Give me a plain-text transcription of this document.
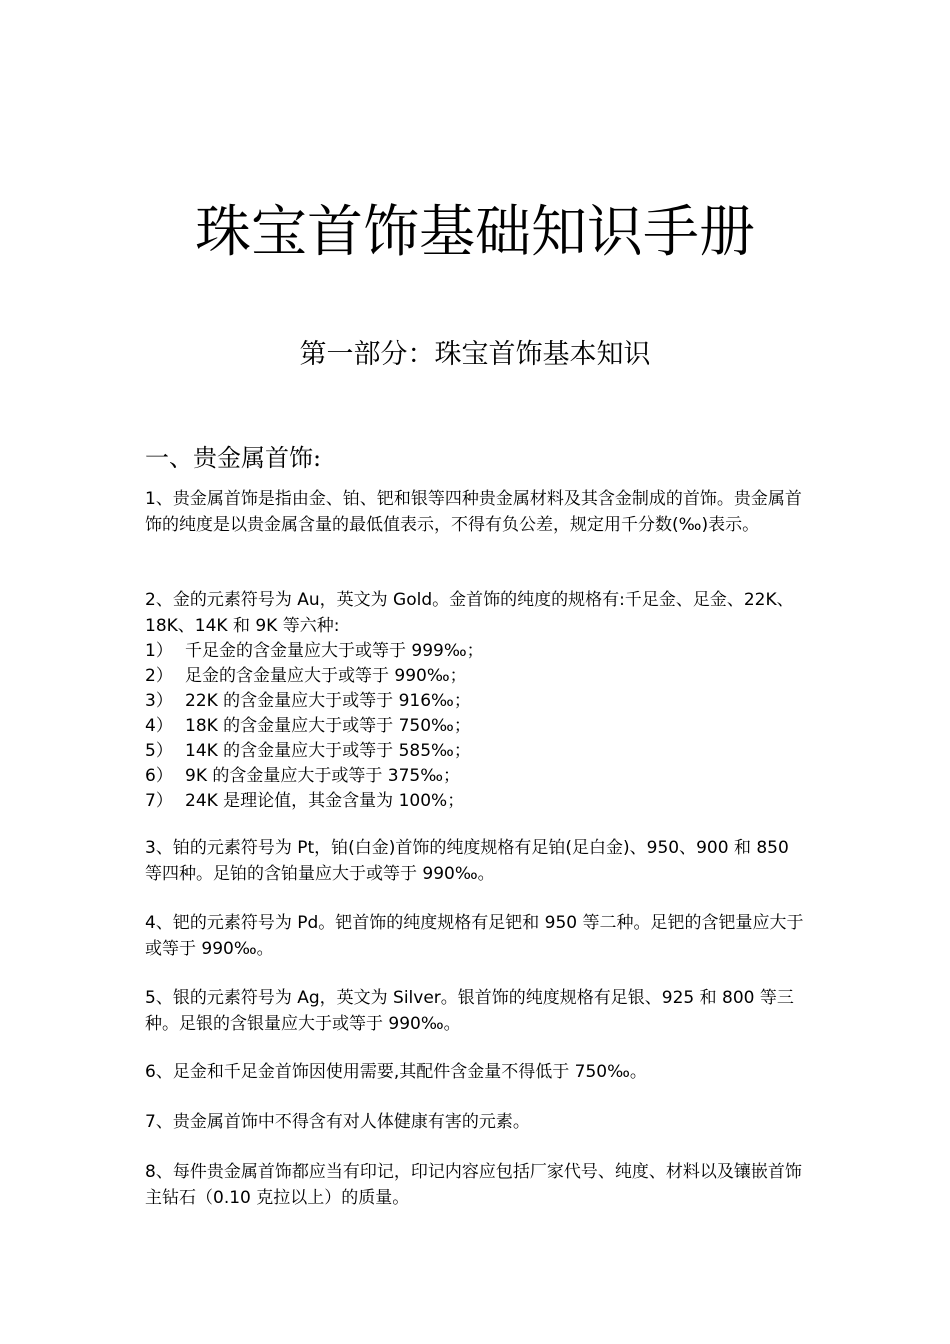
珠宝首饰基础知识手册
第一部分：珠宝首饰基本知识
一、贵金属首饰:

1、贵金属首饰是指由金、铂、钯和银等四种贵金属材料及其含金制成的首饰。贵金属首饰的纯度是以贵金属含量的最低值表示，不得有负公差，规定用千分数(‰)表示。

2、金的元素符号为 Au，英文为 Gold。金首饰的纯度的规格有:千足金、足金、22K、18K、14K 和 9K 等六种:

1） 千足金的含金量应大于或等于 999‰；
2） 足金的含金量应大于或等于 990‰；
3） 22K 的含金量应大于或等于 916‰；
4） 18K 的含金量应大于或等于 750‰；
5） 14K 的含金量应大于或等于 585‰；
6） 9K 的含金量应大于或等于 375‰；
7） 24K 是理论值，其金含量为 100%；

3、铂的元素符号为 Pt，铂(白金)首饰的纯度规格有足铂(足白金)、950、900 和 850 等四种。足铂的含铂量应大于或等于 990‰。

4、钯的元素符号为 Pd。钯首饰的纯度规格有足钯和 950 等二种。足钯的含钯量应大于或等于 990‰。

5、银的元素符号为 Ag，英文为 Silver。银首饰的纯度规格有足银、925 和 800 等三种。足银的含银量应大于或等于 990‰。

6、足金和千足金首饰因使用需要,其配件含金量不得低于 750‰。

7、贵金属首饰中不得含有对人体健康有害的元素。

8、每件贵金属首饰都应当有印记，印记内容应包括厂家代号、纯度、材料以及镶嵌首饰主钻石（0.10 克拉以上）的质量。
